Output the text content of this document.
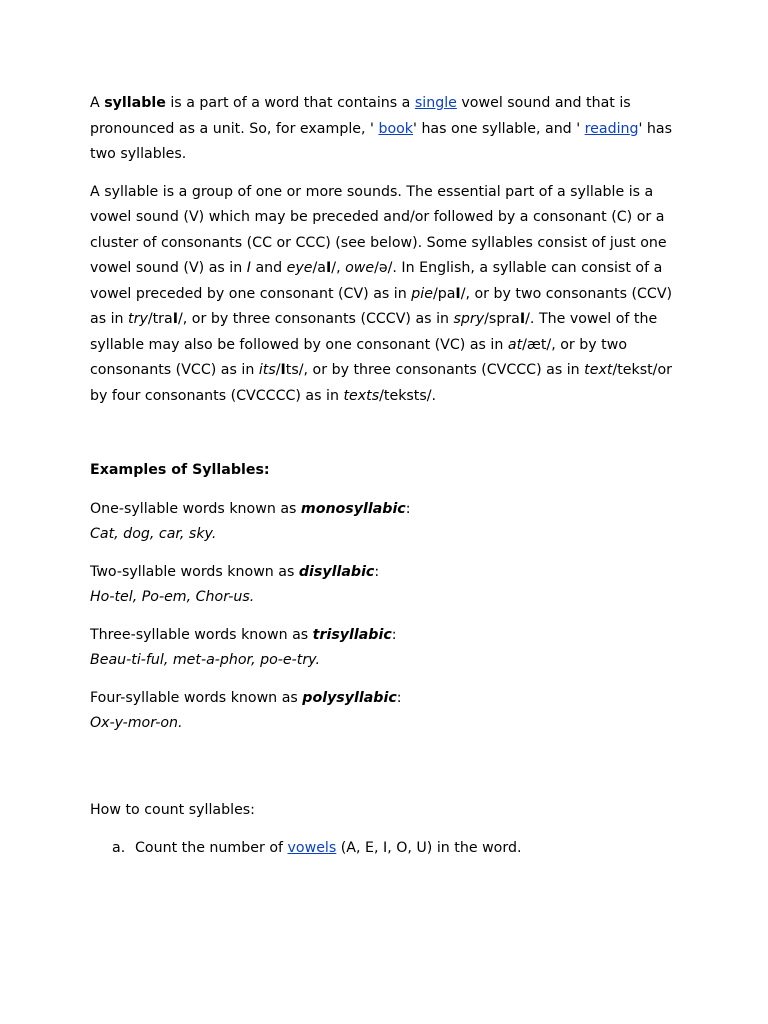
A syllable is a part of a word that contains a single vowel sound and that is pronounced as a unit. So, for example, ' book' has one syllable, and ' reading' has two syllables.

A syllable is a group of one or more sounds. The essential part of a syllable is a vowel sound (V) which may be preceded and/or followed by a consonant (C) or a cluster of consonants (CC or CCC) (see below). Some syllables consist of just one vowel sound (V) as in I and eye/aI/, owe/ə/. In English, a syllable can consist of a vowel preceded by one consonant (CV) as in pie/paI/, or by two consonants (CCV) as in try/traI/, or by three consonants (CCCV) as in spry/spraI/. The vowel of the syllable may also be followed by one consonant (VC) as in at/æt/, or by two consonants (VCC) as in its/Its/, or by three consonants (CVCCC) as in text/tekst/or by four consonants (CVCCCC) as in texts/teksts/.

Examples of Syllables:

One-syllable words known as monosyllabic:
Cat, dog, car, sky.

Two-syllable words known as disyllabic:
Ho-tel, Po-em, Chor-us.

Three-syllable words known as trisyllabic:
Beau-ti-ful, met-a-phor, po-e-try.

Four-syllable words known as polysyllabic:
Ox-y-mor-on.

How to count syllables:

a. Count the number of vowels (A, E, I, O, U) in the word.
